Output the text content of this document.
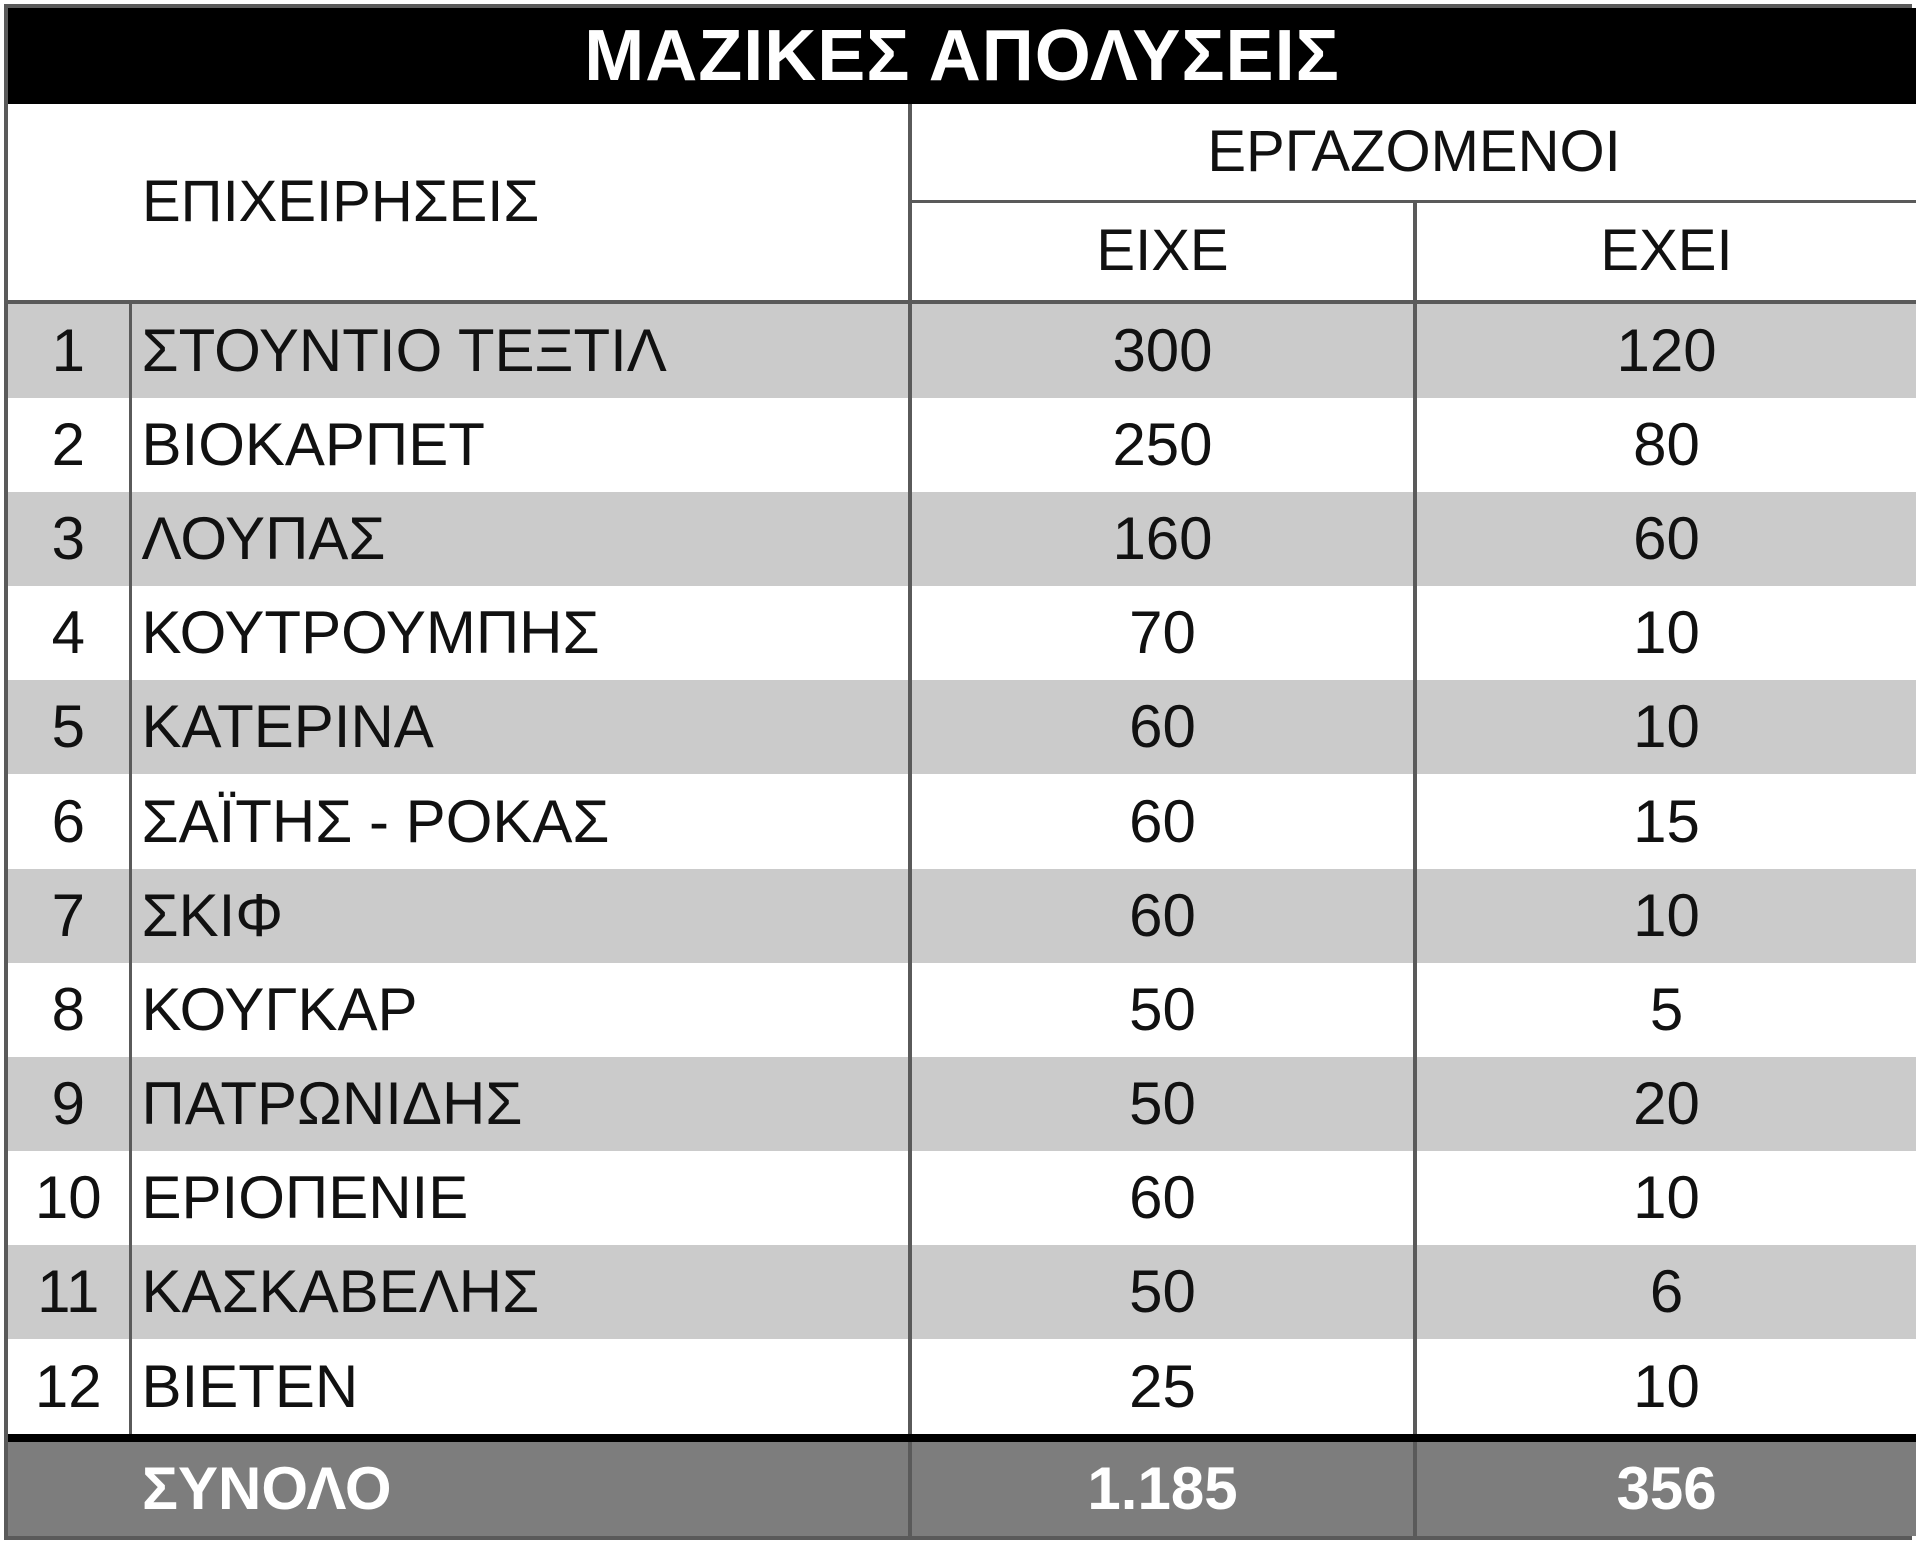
ΜΑΖΙΚΕΣ ΑΠΟΛΥΣΕΙΣ			
ΕΠΙΧΕΙΡΗΣΕΙΣ		ΕΡΓΑΖΟΜΕΝΟΙ	
		ΕΙΧΕ	ΕΧΕΙ
1	ΣΤΟΥΝΤΙΟ ΤΕΞΤΙΛ	300	120
2	ΒΙΟΚΑΡΠΕΤ	250	80
3	ΛΟΥΠΑΣ	160	60
4	ΚΟΥΤΡΟΥΜΠΗΣ	70	10
5	ΚΑΤΕΡΙΝΑ	60	10
6	ΣΑΪΤΗΣ - ΡΟΚΑΣ	60	15
7	ΣΚΙΦ	60	10
8	ΚΟΥΓΚΑΡ	50	5
9	ΠΑΤΡΩΝΙΔΗΣ	50	20
10	ΕΡΙΟΠΕΝΙΕ	60	10
11	ΚΑΣΚΑΒΕΛΗΣ	50	6
12	ΒΙΕΤΕΝ	25	10
ΣΥΝΟΛΟ		1.185	356
